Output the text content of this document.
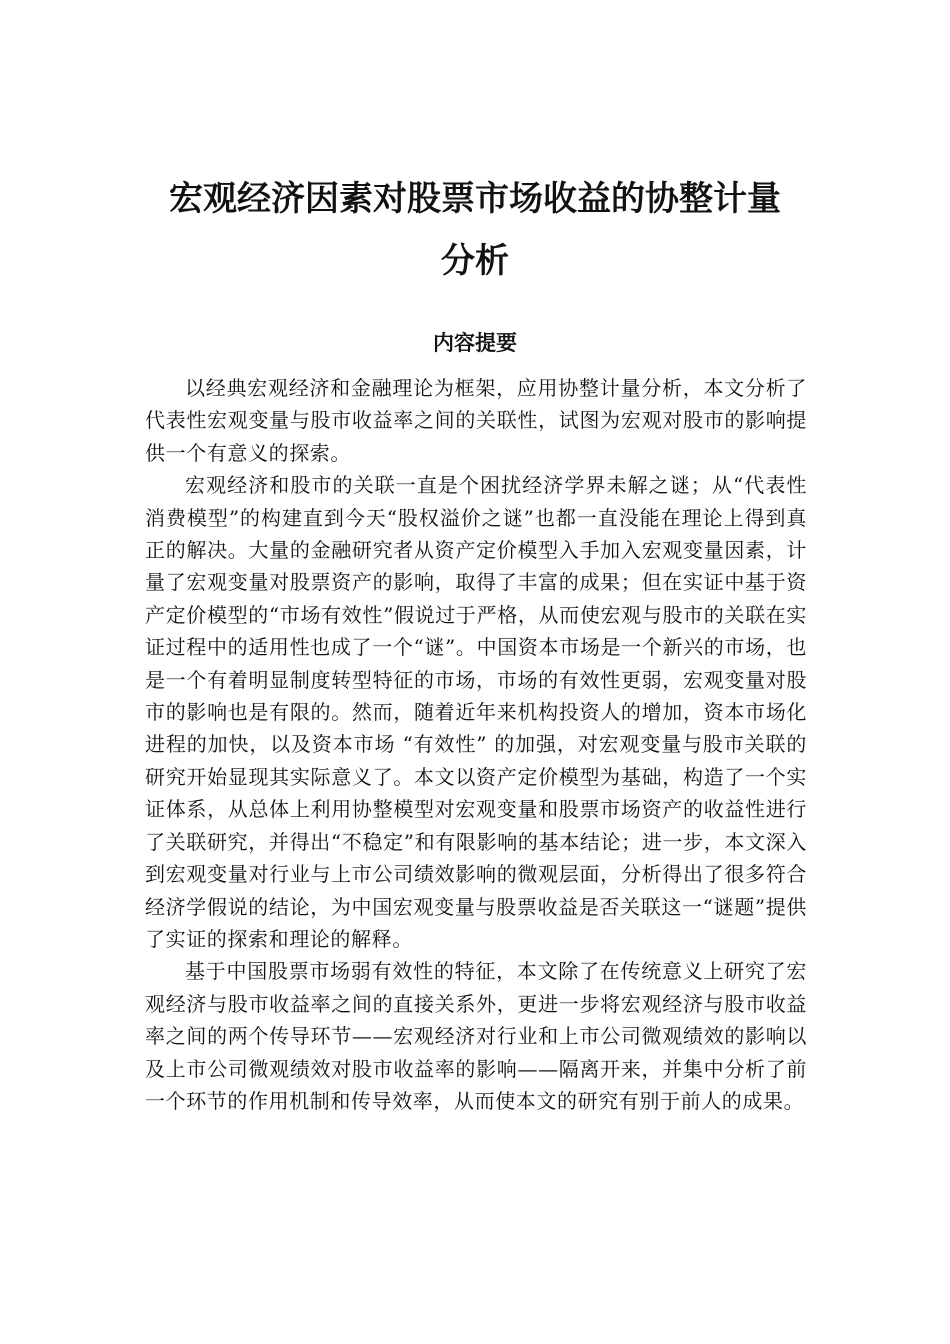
宏观经济因素对股票市场收益的协整计量
分析
内容提要

以经典宏观经济和金融理论为框架，应用协整计量分析，本文分析了代表性宏观变量与股市收益率之间的关联性，试图为宏观对股市的影响提供一个有意义的探索。

宏观经济和股市的关联一直是个困扰经济学界未解之谜；从“代表性消费模型”的构建直到今天“股权溢价之谜”也都一直没能在理论上得到真正的解决。大量的金融研究者从资产定价模型入手加入宏观变量因素，计量了宏观变量对股票资产的影响，取得了丰富的成果；但在实证中基于资产定价模型的“市场有效性”假说过于严格，从而使宏观与股市的关联在实证过程中的适用性也成了一个“谜”。中国资本市场是一个新兴的市场，也是一个有着明显制度转型特征的市场，市场的有效性更弱，宏观变量对股市的影响也是有限的。然而，随着近年来机构投资人的增加，资本市场化进程的加快，以及资本市场 “有效性” 的加强，对宏观变量与股市关联的研究开始显现其实际意义了。本文以资产定价模型为基础，构造了一个实证体系，从总体上利用协整模型对宏观变量和股票市场资产的收益性进行了关联研究，并得出“不稳定”和有限影响的基本结论；进一步，本文深入到宏观变量对行业与上市公司绩效影响的微观层面，分析得出了很多符合经济学假说的结论，为中国宏观变量与股票收益是否关联这一“谜题”提供了实证的探索和理论的解释。

基于中国股票市场弱有效性的特征，本文除了在传统意义上研究了宏观经济与股市收益率之间的直接关系外，更进一步将宏观经济与股市收益率之间的两个传导环节——宏观经济对行业和上市公司微观绩效的影响以及上市公司微观绩效对股市收益率的影响——隔离开来，并集中分析了前一个环节的作用机制和传导效率，从而使本文的研究有别于前人的成果。
